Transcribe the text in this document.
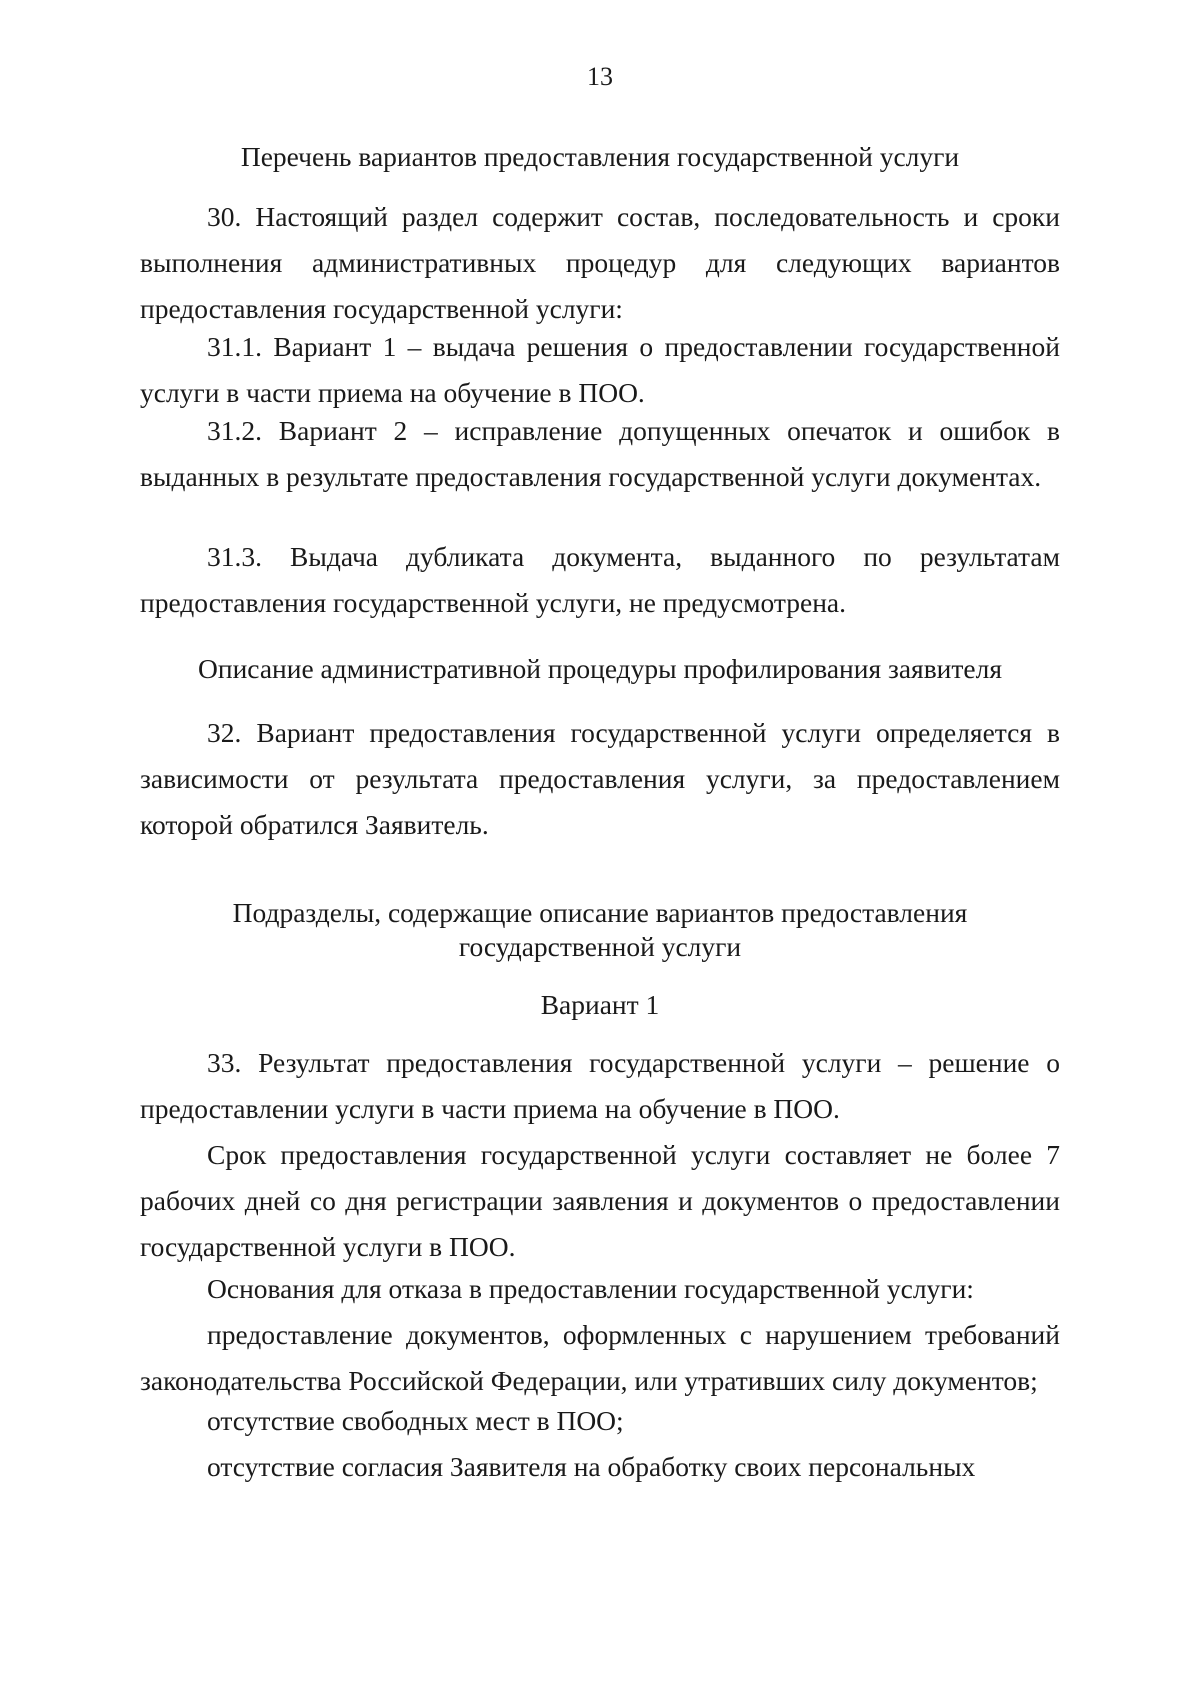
13
Перечень вариантов предоставления государственной услуги
30. Настоящий раздел содержит состав, последовательность и сроки выполнения административных процедур для следующих вариантов предоставления государственной услуги:
31.1. Вариант 1 – выдача решения о предоставлении государственной услуги в части приема на обучение в ПОО.
31.2. Вариант 2 – исправление допущенных опечаток и ошибок в выданных в результате предоставления государственной услуги документах.
31.3. Выдача дубликата документа, выданного по результатам предоставления государственной услуги, не предусмотрена.
Описание административной процедуры профилирования заявителя
32. Вариант предоставления государственной услуги определяется в зависимости от результата предоставления услуги, за предоставлением которой обратился Заявитель.
Подразделы, содержащие описание вариантов предоставления
государственной услуги
Вариант 1
33. Результат предоставления государственной услуги – решение о предоставлении услуги в части приема на обучение в ПОО.
Срок предоставления государственной услуги составляет не более 7 рабочих дней со дня регистрации заявления и документов о предоставлении государственной услуги в ПОО.
Основания для отказа в предоставлении государственной услуги:
предоставление документов, оформленных с нарушением требований законодательства Российской Федерации, или утративших силу документов;
отсутствие свободных мест в ПОО;
отсутствие согласия Заявителя на обработку своих персональных
